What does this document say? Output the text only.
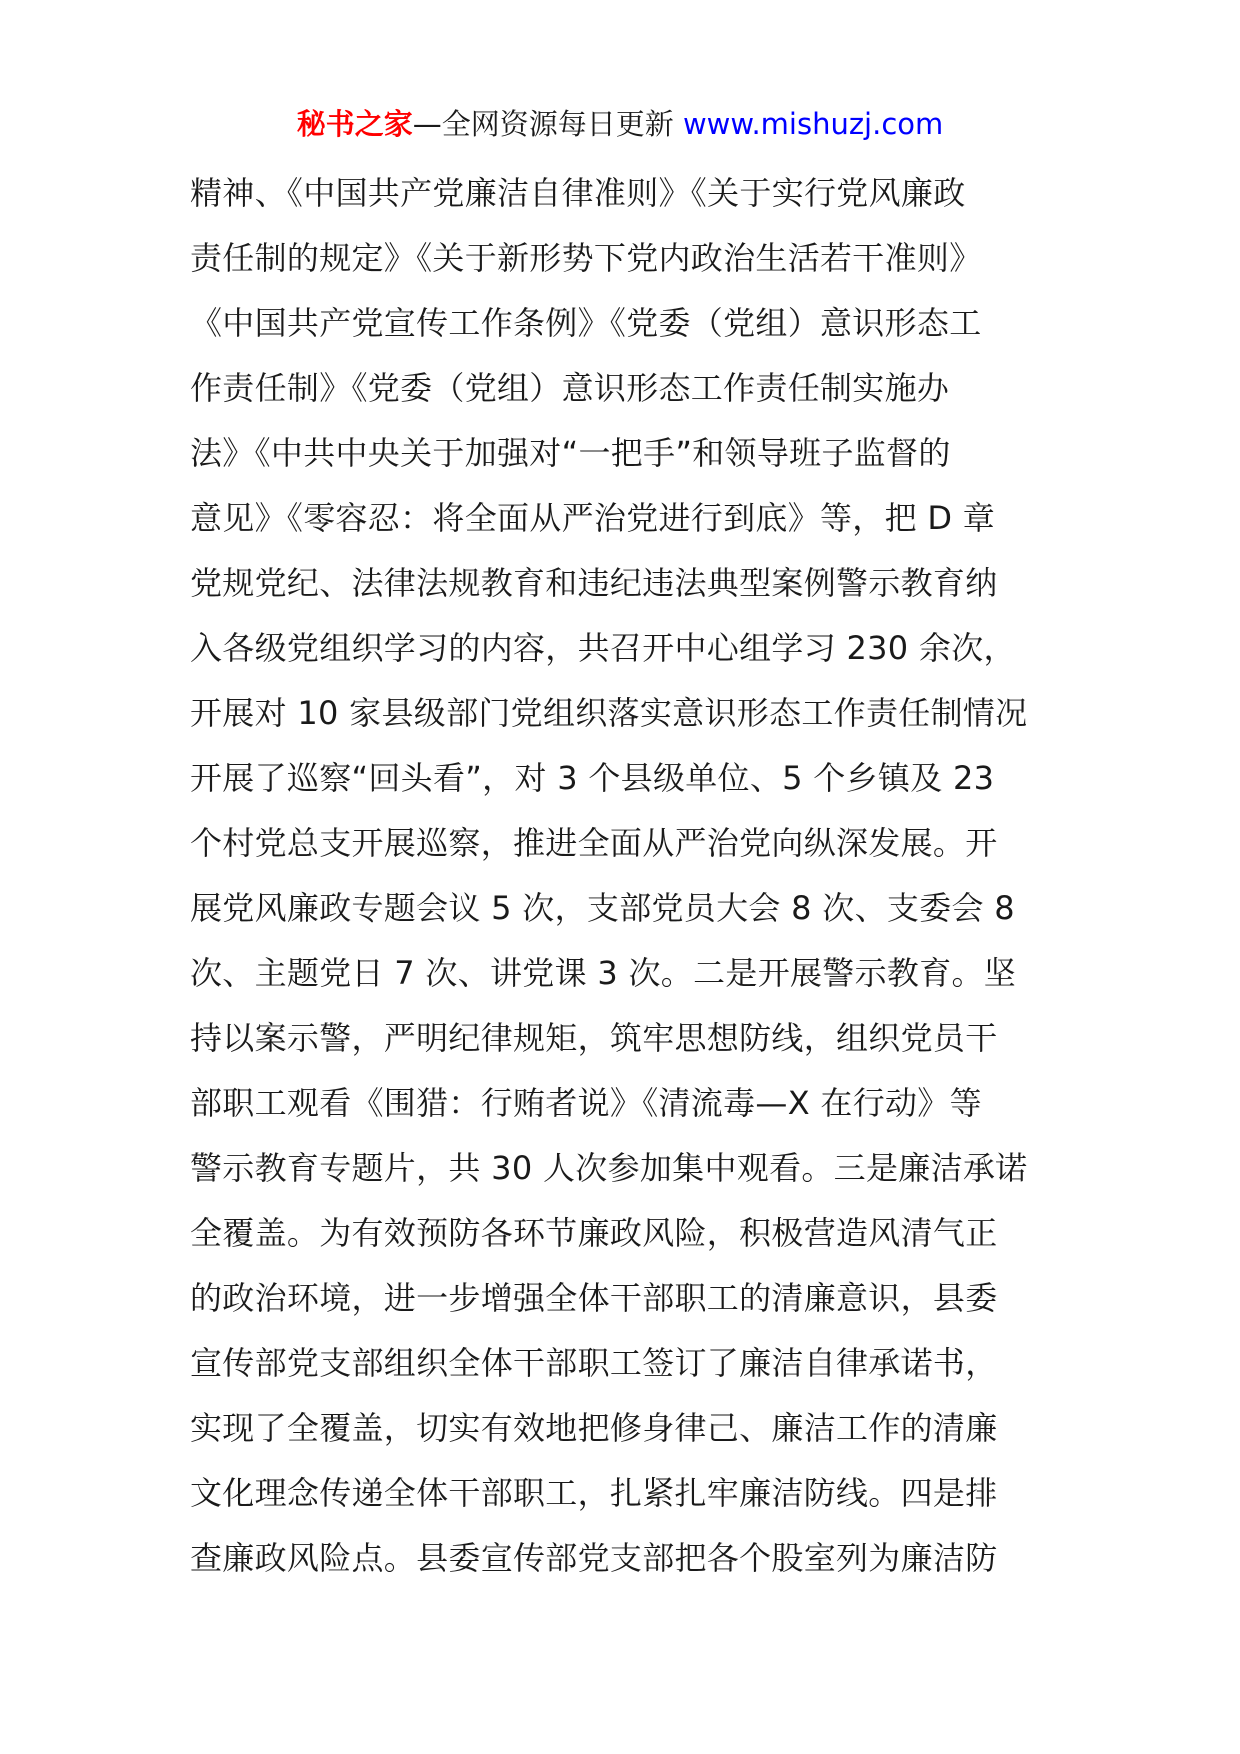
秘书之家—全网资源每日更新 www.mishuzj.com
精神、《中国共产党廉洁自律准则》《关于实行党风廉政
责任制的规定》《关于新形势下党内政治生活若干准则》
《中国共产党宣传工作条例》《党委（党组）意识形态工
作责任制》《党委（党组）意识形态工作责任制实施办
法》《中共中央关于加强对“一把手”和领导班子监督的
意见》《零容忍：将全面从严治党进行到底》等，把 D 章
党规党纪、法律法规教育和违纪违法典型案例警示教育纳
入各级党组织学习的内容，共召开中心组学习 230 余次，
开展对 10 家县级部门党组织落实意识形态工作责任制情况
开展了巡察“回头看”，对 3 个县级单位、5 个乡镇及 23
个村党总支开展巡察，推进全面从严治党向纵深发展。开
展党风廉政专题会议 5 次，支部党员大会 8 次、支委会 8
次、主题党日 7 次、讲党课 3 次。二是开展警示教育。坚
持以案示警，严明纪律规矩，筑牢思想防线，组织党员干
部职工观看《围猎：行贿者说》《清流毒—X 在行动》等
警示教育专题片，共 30 人次参加集中观看。三是廉洁承诺
全覆盖。为有效预防各环节廉政风险，积极营造风清气正
的政治环境，进一步增强全体干部职工的清廉意识，县委
宣传部党支部组织全体干部职工签订了廉洁自律承诺书，
实现了全覆盖，切实有效地把修身律己、廉洁工作的清廉
文化理念传递全体干部职工，扎紧扎牢廉洁防线。四是排
查廉政风险点。县委宣传部党支部把各个股室列为廉洁防
